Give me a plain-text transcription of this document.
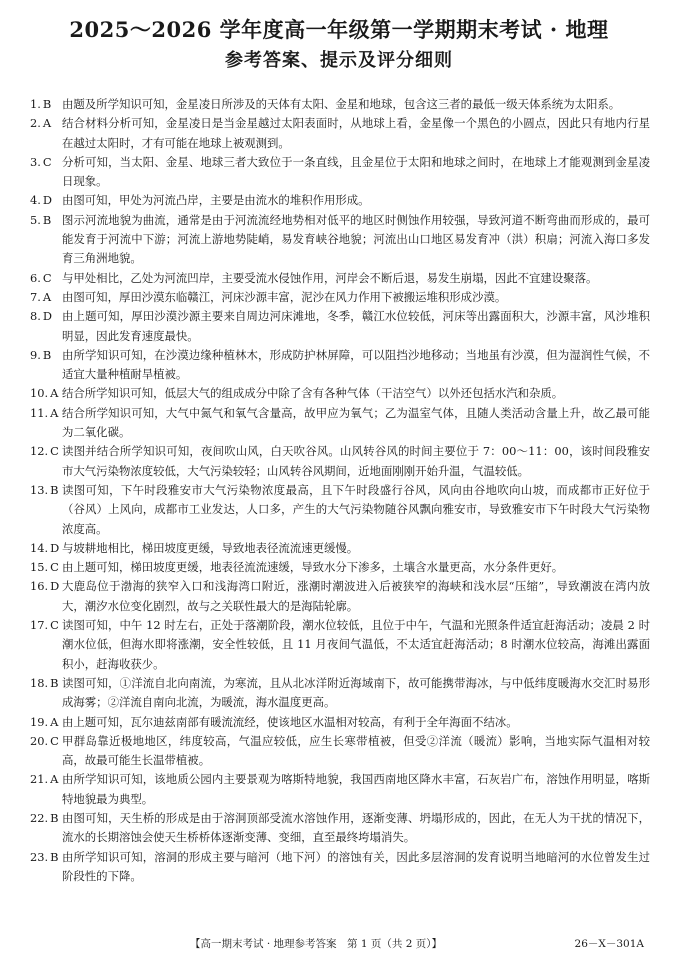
2025～2026 学年度高一年级第一学期期末考试 · 地理
参考答案、提示及评分细则
1. B 由题及所学知识可知，金星凌日所涉及的天体有太阳、金星和地球，包含这三者的最低一级天体系统为太阳系。
2. A 结合材料分析可知，金星凌日是当金星越过太阳表面时，从地球上看，金星像一个黑色的小圆点，因此只有地内行星在越过太阳时，才有可能在地球上被观测到。
3. C 分析可知，当太阳、金星、地球三者大致位于一条直线，且金星位于太阳和地球之间时，在地球上才能观测到金星凌日现象。
4. D 由图可知，甲处为河流凸岸，主要是由流水的堆积作用形成。
5. B 图示河流地貌为曲流，通常是由于河流流经地势相对低平的地区时侧蚀作用较强，导致河道不断弯曲而形成的，最可能发育于河流中下游；河流上游地势陡峭，易发育峡谷地貌；河流出山口地区易发育冲（洪）积扇；河流入海口多发育三角洲地貌。
6. C 与甲处相比，乙处为河流凹岸，主要受流水侵蚀作用，河岸会不断后退，易发生崩塌，因此不宜建设聚落。
7. A 由图可知，厚田沙漠东临赣江，河床沙源丰富，泥沙在风力作用下被搬运堆积形成沙漠。
8. D 由上题可知，厚田沙漠沙源主要来自周边河床滩地，冬季，赣江水位较低，河床等出露面积大，沙源丰富，风沙堆积明显，因此发育速度最快。
9. B 由所学知识可知，在沙漠边缘种植林木，形成防护林屏障，可以阻挡沙地移动；当地虽有沙漠，但为湿润性气候，不适宜大量种植耐旱植被。
10. A 结合所学知识可知，低层大气的组成成分中除了含有各种气体（干洁空气）以外还包括水汽和杂质。
11. A 结合所学知识可知，大气中氮气和氧气含量高，故甲应为氧气；乙为温室气体，且随人类活动含量上升，故乙最可能为二氧化碳。
12. C 读图并结合所学知识可知，夜间吹山风，白天吹谷风。山风转谷风的时间主要位于 7：00～11：00，该时间段雅安市大气污染物浓度较低，大气污染较轻；山风转谷风期间，近地面刚刚开始升温，气温较低。
13. B 读图可知，下午时段雅安市大气污染物浓度最高，且下午时段盛行谷风，风向由谷地吹向山坡，而成都市正好位于（谷风）上风向，成都市工业发达，人口多，产生的大气污染物随谷风飘向雅安市，导致雅安市下午时段大气污染物浓度高。
14. D 与坡耕地相比，梯田坡度更缓，导致地表径流流速更缓慢。
15. C 由上题可知，梯田坡度更缓，地表径流流速缓，导致水分下渗多，土壤含水量更高，水分条件更好。
16. D 大鹿岛位于渤海的狭窄入口和浅海湾口附近，涨潮时潮波进入后被狭窄的海峡和浅水层“压缩”，导致潮波在湾内放大，潮汐水位变化剧烈，故与之关联性最大的是海陆轮廓。
17. C 读图可知，中午 12 时左右，正处于落潮阶段，潮水位较低，且位于中午，气温和光照条件适宜赶海活动；凌晨 2 时潮水位低，但海水即将涨潮，安全性较低，且 11 月夜间气温低，不太适宜赶海活动；8 时潮水位较高，海滩出露面积小，赶海收获少。
18. B 读图可知，①洋流自北向南流，为寒流，且从北冰洋附近海域南下，故可能携带海冰，与中低纬度暖海水交汇时易形成海雾；②洋流自南向北流，为暖流，海水温度更高。
19. A 由上题可知，瓦尔迪兹南部有暖流流经，使该地区水温相对较高，有利于全年海面不结冰。
20. C 甲群岛靠近极地地区，纬度较高，气温应较低，应生长寒带植被，但受②洋流（暖流）影响，当地实际气温相对较高，故最可能生长温带植被。
21. A 由所学知识可知，该地质公园内主要景观为喀斯特地貌，我国西南地区降水丰富，石灰岩广布，溶蚀作用明显，喀斯特地貌最为典型。
22. B 由图可知，天生桥的形成是由于溶洞顶部受流水溶蚀作用，逐渐变薄、坍塌形成的，因此，在无人为干扰的情况下，流水的长期溶蚀会使天生桥桥体逐渐变薄、变细，直至最终垮塌消失。
23. B 由所学知识可知，溶洞的形成主要与暗河（地下河）的溶蚀有关，因此多层溶洞的发育说明当地暗河的水位曾发生过阶段性的下降。
【高一期末考试 · 地理参考答案　第 1 页（共 2 页）】	26－X－301A
